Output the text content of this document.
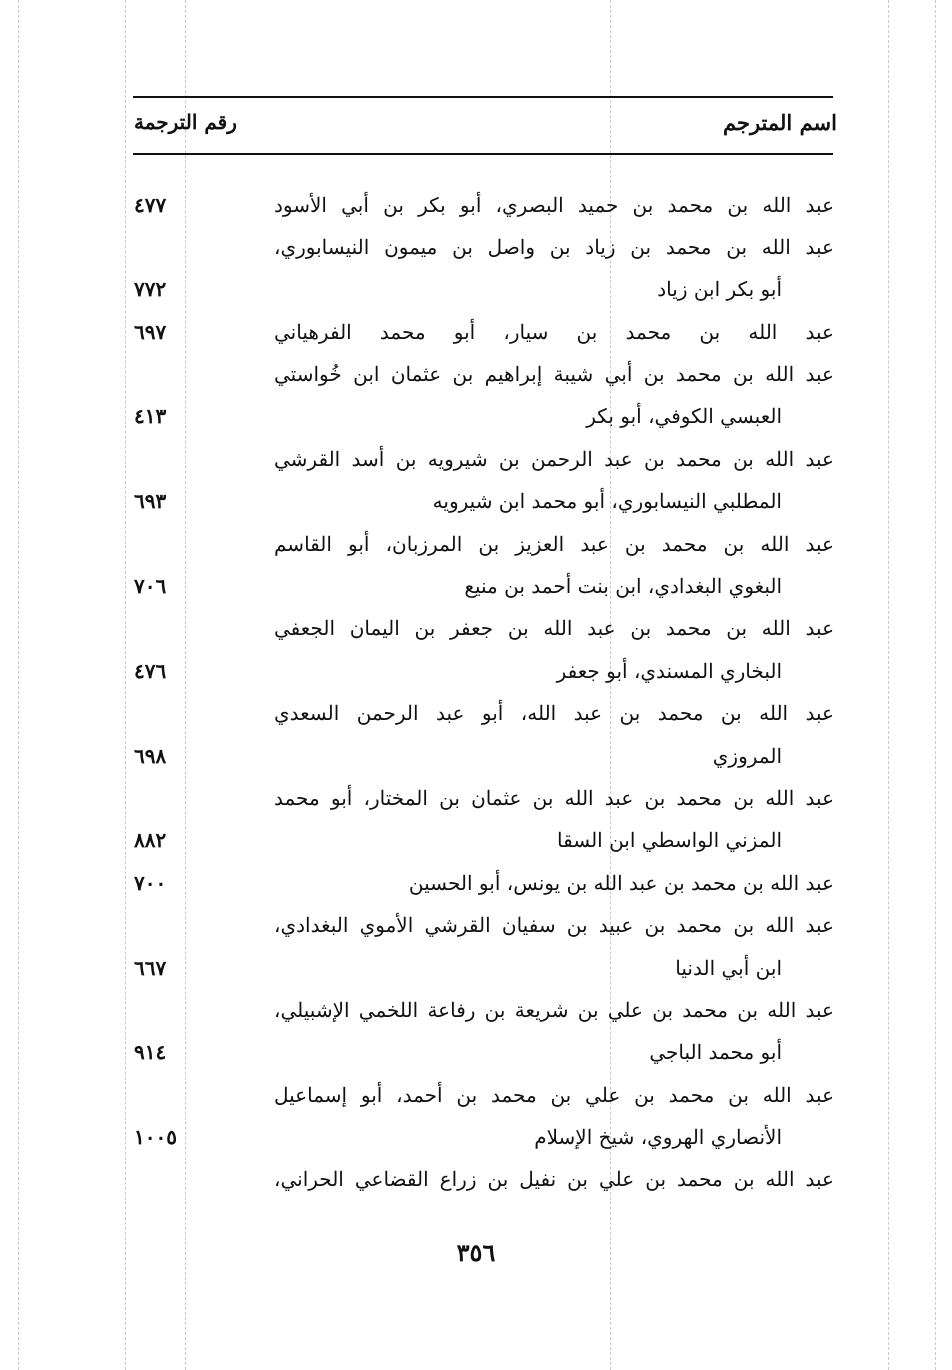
اسم المترجم
رقم الترجمة
عبد الله بن محمد بن حميد البصري، أبو بكر بن أبي الأسود
عبد الله بن محمد بن زياد بن واصل بن ميمون النيسابوري،
أبو بكر ابن زياد
عبد الله بن محمد بن سيار، أبو محمد الفرهياني
عبد الله بن محمد بن أبي شيبة إبراهيم بن عثمان ابن خُواستي
العبسي الكوفي، أبو بكر
عبد الله بن محمد بن عبد الرحمن بن شيرويه بن أسد القرشي
المطلبي النيسابوري، أبو محمد ابن شيرويه
عبد الله بن محمد بن عبد العزيز بن المرزبان، أبو القاسم
البغوي البغدادي، ابن بنت أحمد بن منيع
عبد الله بن محمد بن عبد الله بن جعفر بن اليمان الجعفي
البخاري المسندي، أبو جعفر
عبد الله بن محمد بن عبد الله، أبو عبد الرحمن السعدي
المروزي
عبد الله بن محمد بن عبد الله بن عثمان بن المختار، أبو محمد
المزني الواسطي ابن السقا
عبد الله بن محمد بن عبد الله بن يونس، أبو الحسين
عبد الله بن محمد بن عبيد بن سفيان القرشي الأموي البغدادي،
ابن أبي الدنيا
عبد الله بن محمد بن علي بن شريعة بن رفاعة اللخمي الإشبيلي،
أبو محمد الباجي
عبد الله بن محمد بن علي بن محمد بن أحمد، أبو إسماعيل
الأنصاري الهروي، شيخ الإسلام
عبد الله بن محمد بن علي بن نفيل بن زراع القضاعي الحراني،
٤٧٧
٧٧٢
٦٩٧
٤١٣
٦٩٣
٧٠٦
٤٧٦
٦٩٨
٨٨٢
٧٠٠
٦٦٧
٩١٤
١٠٠٥
٣٥٦
